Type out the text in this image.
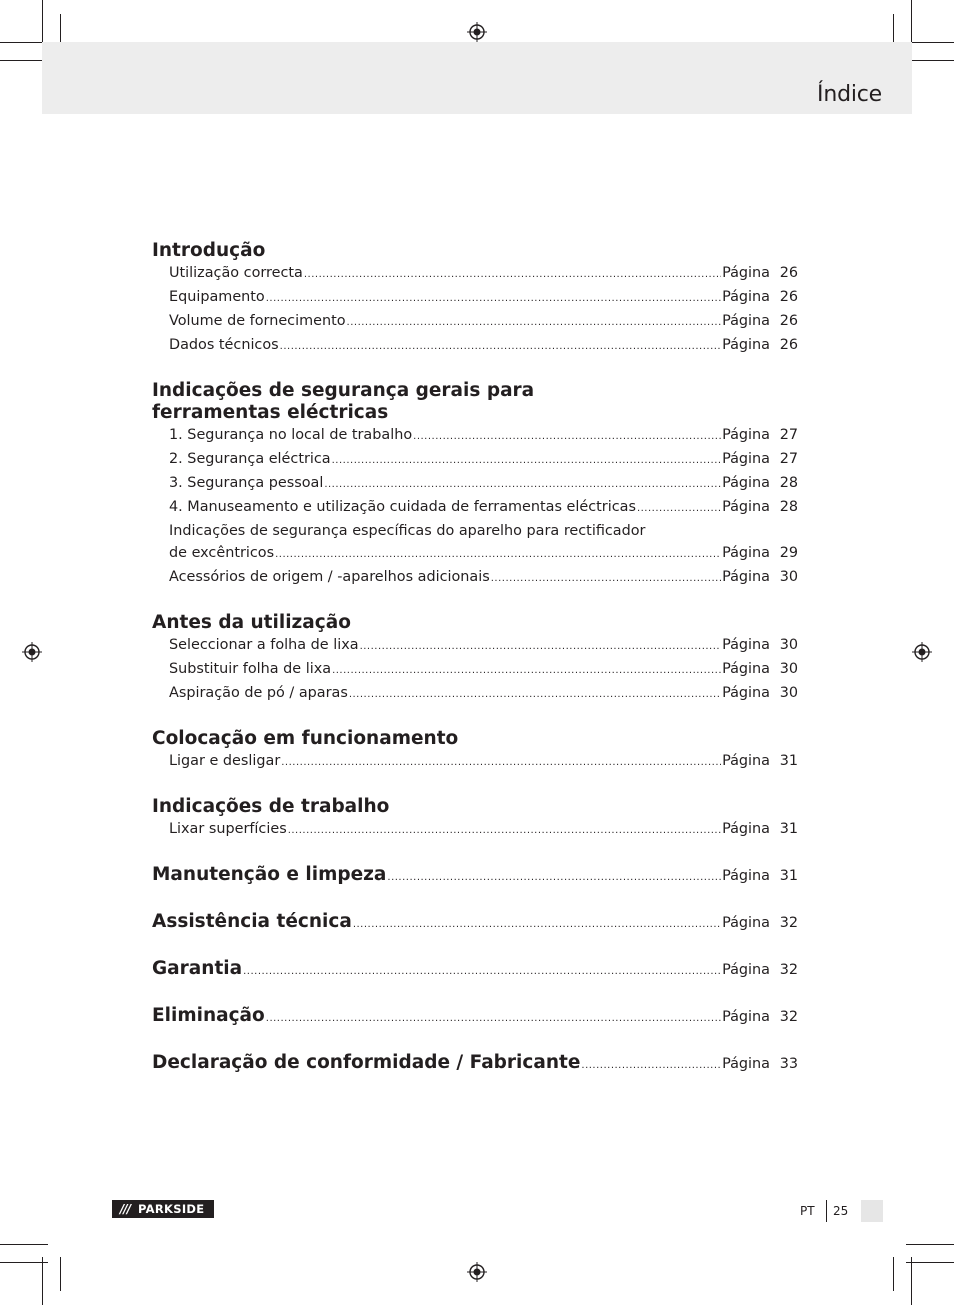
Índice
Introdução
Utilização correcta .....	Página 26
Equipamento .....	Página 26
Volume de fornecimento .....	Página 26
Dados técnicos .....	Página 26
Indicações de segurança gerais para
ferramentas eléctricas
1. Segurança no local de trabalho .....	Página 27
2. Segurança eléctrica .....	Página 27
3. Segurança pessoal .....	Página 28
4. Manuseamento e utilização cuidada de ferramentas eléctricas .....	Página 28
Indicações de segurança específicas do aparelho para rectificador
de excêntricos .....	Página 29
Acessórios de origem / -aparelhos adicionais .....	Página 30
Antes da utilização
Seleccionar a folha de lixa .....	Página 30
Substituir folha de lixa .....	Página 30
Aspiração de pó / aparas .....	Página 30
Colocação em funcionamento
Ligar e desligar .....	Página 31
Indicações de trabalho
Lixar superfícies .....	Página 31
Manutenção e limpeza .....	Página 31
Assistência técnica .....	Página 32
Garantia .....	Página 32
Eliminação .....	Página 32
Declaração de conformidade / Fabricante .....	Página 33
/// PARKSIDE	PT	25
